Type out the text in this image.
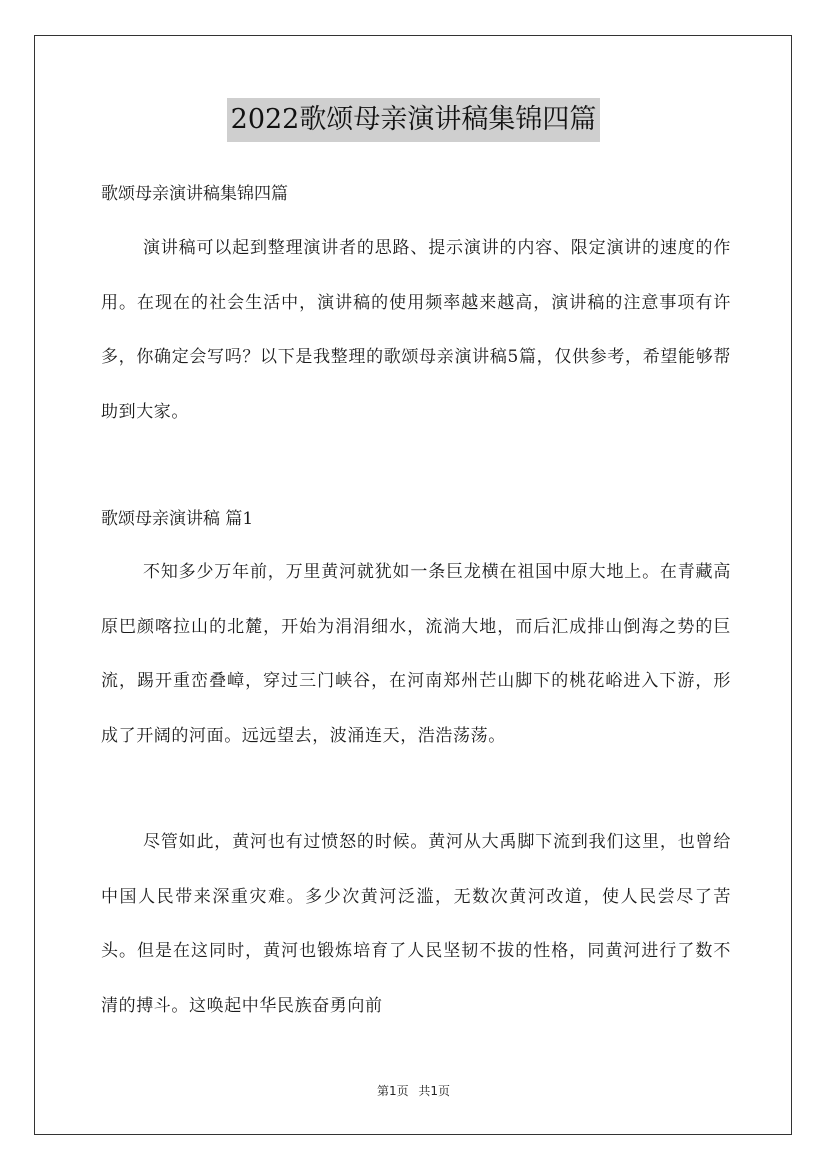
2022歌颂母亲演讲稿集锦四篇
歌颂母亲演讲稿集锦四篇
演讲稿可以起到整理演讲者的思路、提示演讲的内容、限定演讲的速度的作用。在现在的社会生活中，演讲稿的使用频率越来越高，演讲稿的注意事项有许多，你确定会写吗？以下是我整理的歌颂母亲演讲稿5篇，仅供参考，希望能够帮助到大家。
歌颂母亲演讲稿 篇1
不知多少万年前，万里黄河就犹如一条巨龙横在祖国中原大地上。在青藏高原巴颜喀拉山的北麓，开始为涓涓细水，流淌大地，而后汇成排山倒海之势的巨流，踢开重峦叠嶂，穿过三门峡谷，在河南郑州芒山脚下的桃花峪进入下游，形成了开阔的河面。远远望去，波涌连天，浩浩荡荡。
尽管如此，黄河也有过愤怒的时候。黄河从大禹脚下流到我们这里，也曾给中国人民带来深重灾难。多少次黄河泛滥，无数次黄河改道，使人民尝尽了苦头。但是在这同时，黄河也锻炼培育了人民坚韧不拔的性格，同黄河进行了数不清的搏斗。这唤起中华民族奋勇向前
第1页 共1页
